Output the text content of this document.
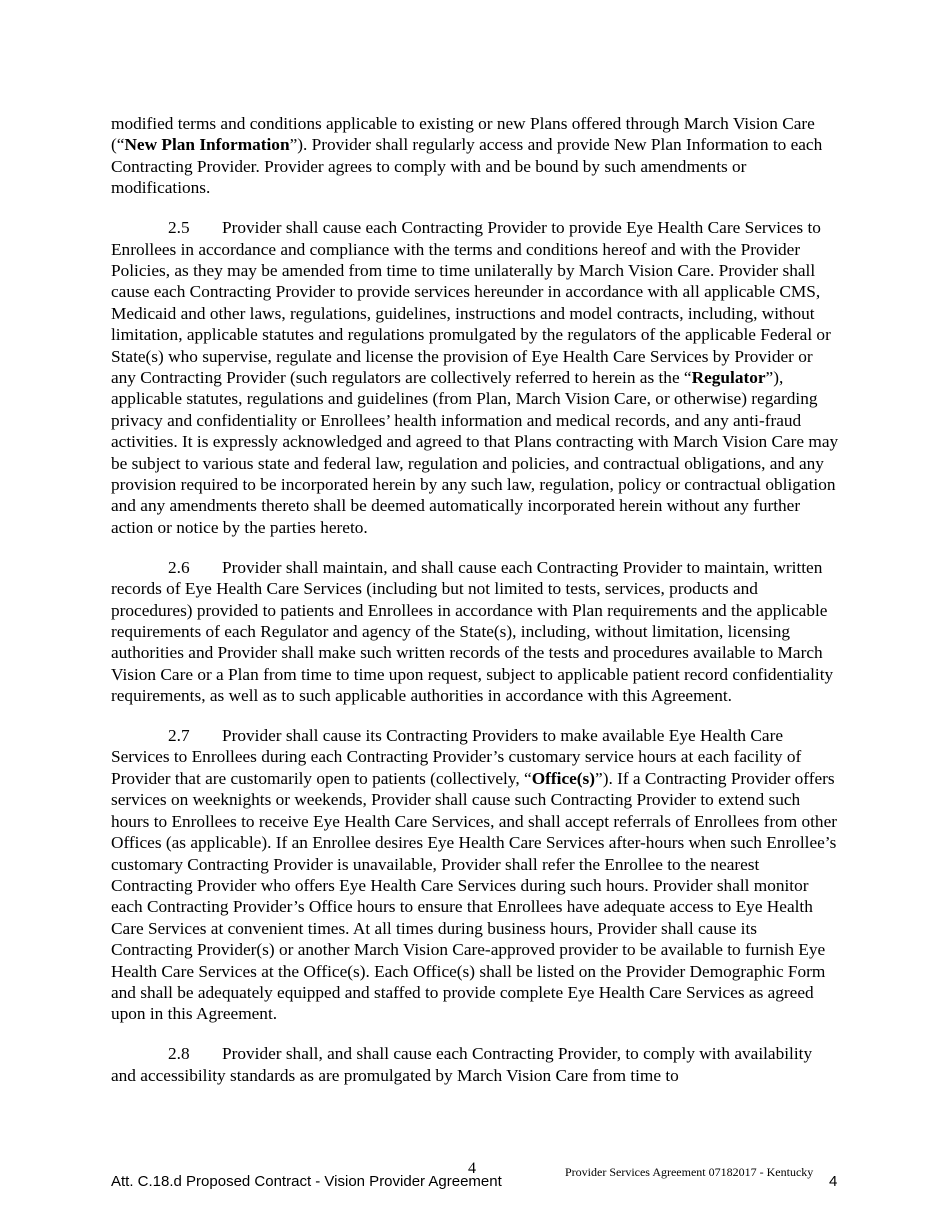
modified terms and conditions applicable to existing or new Plans offered through March Vision Care (“New Plan Information”). Provider shall regularly access and provide New Plan Information to each Contracting Provider. Provider agrees to comply with and be bound by such amendments or modifications.

2.5 Provider shall cause each Contracting Provider to provide Eye Health Care Services to Enrollees in accordance and compliance with the terms and conditions hereof and with the Provider Policies, as they may be amended from time to time unilaterally by March Vision Care. Provider shall cause each Contracting Provider to provide services hereunder in accordance with all applicable CMS, Medicaid and other laws, regulations, guidelines, instructions and model contracts, including, without limitation, applicable statutes and regulations promulgated by the regulators of the applicable Federal or State(s) who supervise, regulate and license the provision of Eye Health Care Services by Provider or any Contracting Provider (such regulators are collectively referred to herein as the “Regulator”), applicable statutes, regulations and guidelines (from Plan, March Vision Care, or otherwise) regarding privacy and confidentiality or Enrollees’ health information and medical records, and any anti-fraud activities. It is expressly acknowledged and agreed to that Plans contracting with March Vision Care may be subject to various state and federal law, regulation and policies, and contractual obligations, and any provision required to be incorporated herein by any such law, regulation, policy or contractual obligation and any amendments thereto shall be deemed automatically incorporated herein without any further action or notice by the parties hereto.

2.6 Provider shall maintain, and shall cause each Contracting Provider to maintain, written records of Eye Health Care Services (including but not limited to tests, services, products and procedures) provided to patients and Enrollees in accordance with Plan requirements and the applicable requirements of each Regulator and agency of the State(s), including, without limitation, licensing authorities and Provider shall make such written records of the tests and procedures available to March Vision Care or a Plan from time to time upon request, subject to applicable patient record confidentiality requirements, as well as to such applicable authorities in accordance with this Agreement.

2.7 Provider shall cause its Contracting Providers to make available Eye Health Care Services to Enrollees during each Contracting Provider’s customary service hours at each facility of Provider that are customarily open to patients (collectively, “Office(s)”). If a Contracting Provider offers services on weeknights or weekends, Provider shall cause such Contracting Provider to extend such hours to Enrollees to receive Eye Health Care Services, and shall accept referrals of Enrollees from other Offices (as applicable). If an Enrollee desires Eye Health Care Services after-hours when such Enrollee’s customary Contracting Provider is unavailable, Provider shall refer the Enrollee to the nearest Contracting Provider who offers Eye Health Care Services during such hours. Provider shall monitor each Contracting Provider’s Office hours to ensure that Enrollees have adequate access to Eye Health Care Services at convenient times. At all times during business hours, Provider shall cause its Contracting Provider(s) or another March Vision Care-approved provider to be available to furnish Eye Health Care Services at the Office(s). Each Office(s) shall be listed on the Provider Demographic Form and shall be adequately equipped and staffed to provide complete Eye Health Care Services as agreed upon in this Agreement.

2.8 Provider shall, and shall cause each Contracting Provider, to comply with availability and accessibility standards as are promulgated by March Vision Care from time to

Att. C.18.d Proposed Contract - Vision Provider Agreement
4	Provider Services Agreement 07182017 - Kentucky
4
